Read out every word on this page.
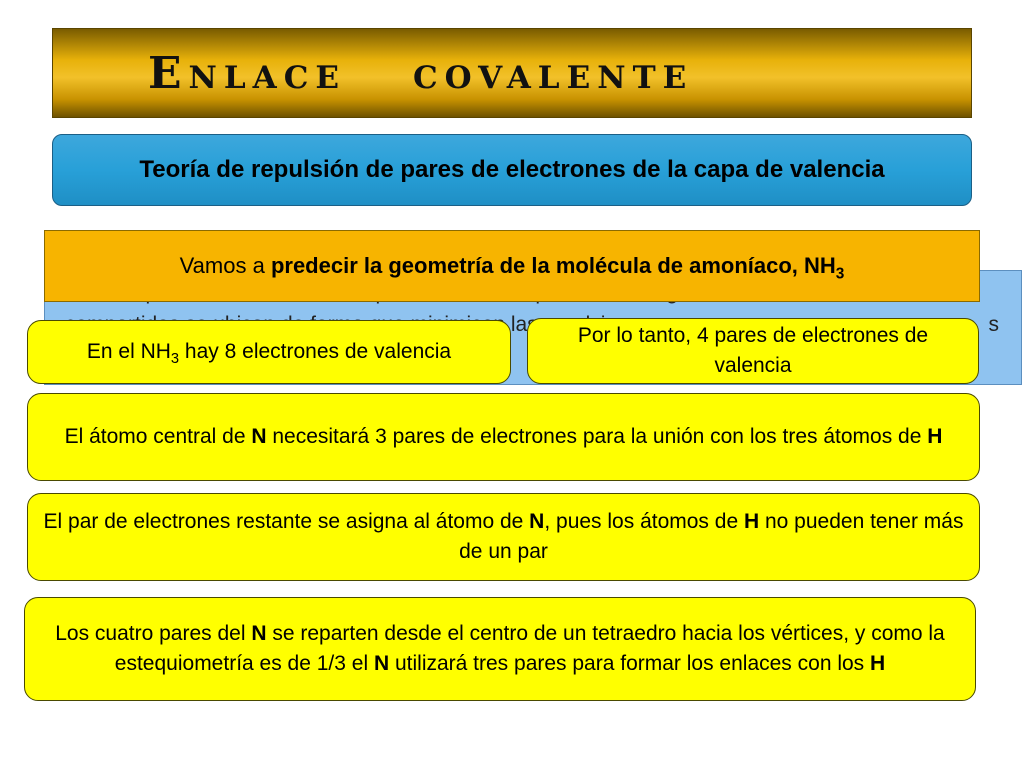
Enlace   covalente
Teoría de repulsión de pares de electrones de la capa de valencia
las	s
Vamos a predecir la geometría de la molécula de amoníaco, $NH_3$
En el $NH_3$ hay 8 electrones de valencia
Por lo tanto, 4 pares de electrones de valencia
El átomo central de N necesitará 3 pares de electrones para la unión con los tres átomos de H
El par de electrones restante se asigna al átomo de N, pues los átomos de H no pueden tener más de un par
Los cuatro pares del N se reparten desde el centro de un tetraedro hacia los vértices, y como la estequiometría es de 1/3 el N utilizará tres pares para formar los enlaces con los H
